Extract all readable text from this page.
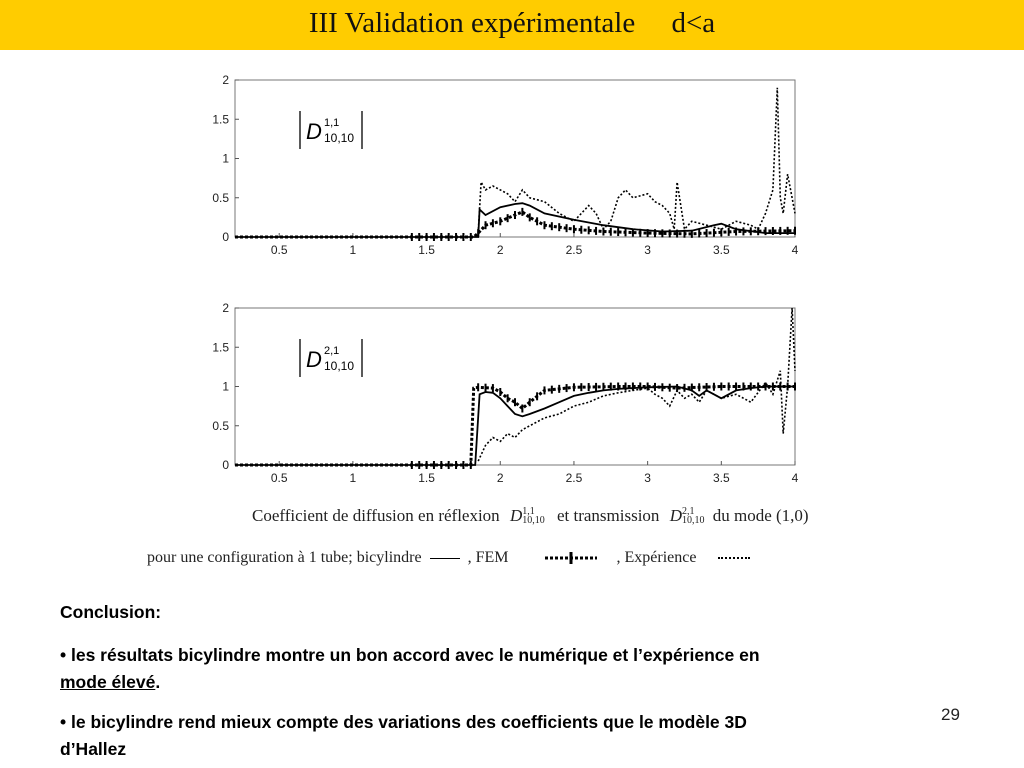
III Validation expérimentale     d<a
0.5	1	1.5	2	2.5	3	3.5	4
0
0.5
1
1.5
2
D 1,1
10,10
0.5	1	1.5	2	2.5	3	3.5	4
0
0.5
1
1.5
2
D 2,1
10,10
Coefficient de diffusion en réflexion D 1,1
10,10 et transmission D 2,1
10,10 du mode (1,0)
pour une configuration à 1 tube; bicylindre	, FEM	, Expérience
Conclusion:
• les résultats bicylindre montre un bon accord avec le numérique et l’expérience en
mode élevé.
• le bicylindre rend mieux compte des variations des coefficients que le modèle 3D
d’Hallez
29
